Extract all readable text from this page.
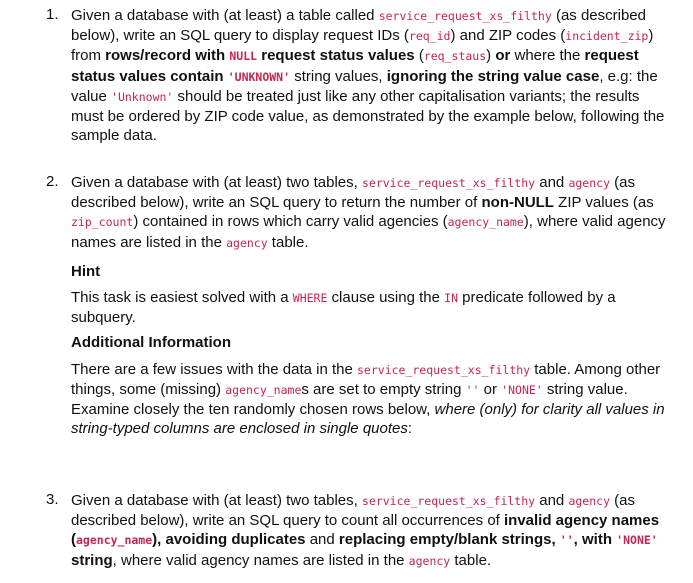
1. Given a database with (at least) a table called service_request_xs_filthy (as described below), write an SQL query to display request IDs (req_id) and ZIP codes (incident_zip) from rows/record with NULL request status values (req_staus) or where the request status values contain 'UNKNOWN' string values, ignoring the string value case, e.g: the value 'Unknown' should be treated just like any other capitalisation variants; the results must be ordered by ZIP code value, as demonstrated by the example below, following the sample data.

2. Given a database with (at least) two tables, service_request_xs_filthy and agency (as described below), write an SQL query to return the number of non-NULL ZIP values (as zip_count) contained in rows which carry valid agencies (agency_name), where valid agency names are listed in the agency table.

Hint

This task is easiest solved with a WHERE clause using the IN predicate followed by a subquery.

Additional Information

There are a few issues with the data in the service_request_xs_filthy table. Among other things, some (missing) agency_names are set to empty string '' or 'NONE' string value. Examine closely the ten randomly chosen rows below, where (only) for clarity all values in string-typed columns are enclosed in single quotes:

3. Given a database with (at least) two tables, service_request_xs_filthy and agency (as described below), write an SQL query to count all occurrences of invalid agency names (agency_name), avoiding duplicates and replacing empty/blank strings, '', with 'NONE' string, where valid agency names are listed in the agency table.
